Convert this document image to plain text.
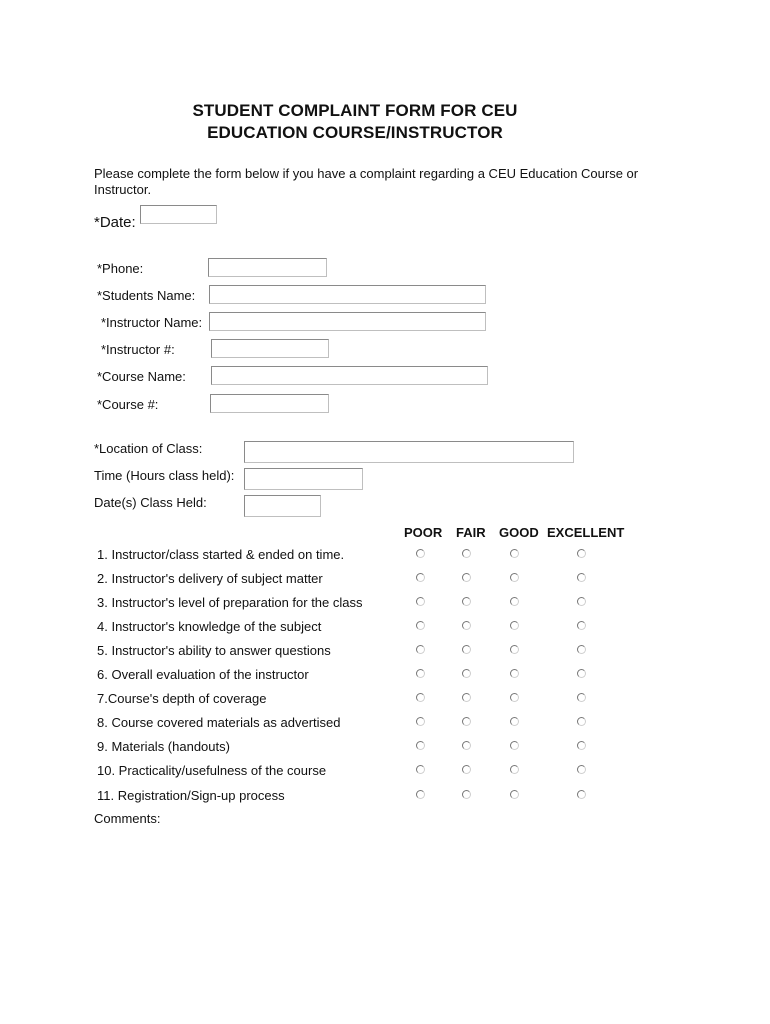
STUDENT COMPLAINT FORM FOR CEU
EDUCATION COURSE/INSTRUCTOR
Please complete the form below if you have a complaint regarding a CEU Education Course or Instructor.
*Date:
*Phone:
*Students Name:
*Instructor Name:
*Instructor #:
*Course Name:
*Course #:
*Location of Class:
Time (Hours class held):
Date(s) Class Held:
POOR FAIR GOOD EXCELLENT
1. Instructor/class started & ended on time.
2. Instructor's delivery of subject matter
3. Instructor's level of preparation for the class
4. Instructor's knowledge of the subject
5. Instructor's ability to answer questions
6. Overall evaluation of the instructor
7.Course's depth of coverage
8. Course covered materials as advertised
9. Materials (handouts)
10. Practicality/usefulness of the course
11. Registration/Sign-up process
Comments:
